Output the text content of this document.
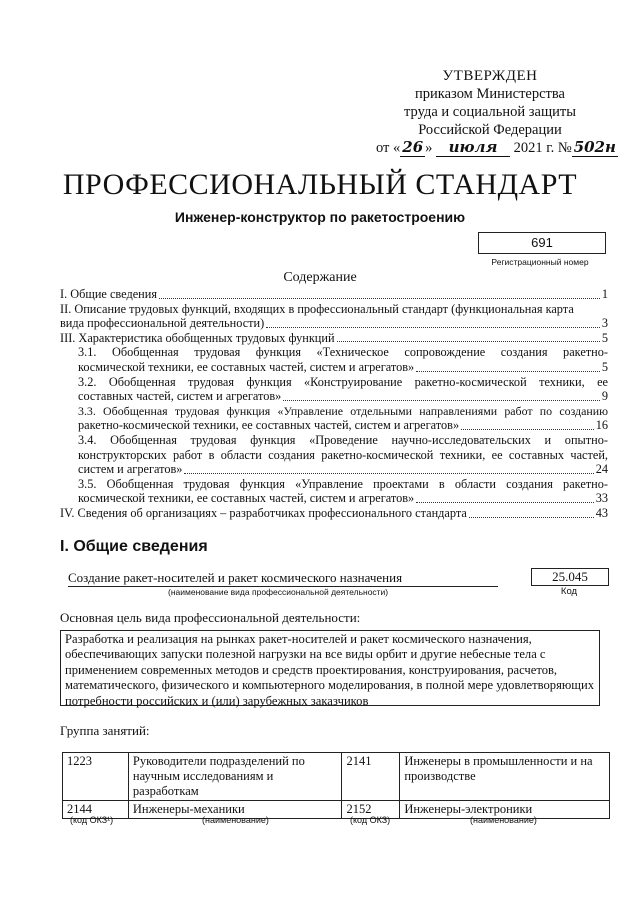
УТВЕРЖДЕН
приказом Министерства
труда и социальной защиты
Российской Федерации
от « 26 » июля 2021 г. № 502н
ПРОФЕССИОНАЛЬНЫЙ СТАНДАРТ
Инженер-конструктор по ракетостроению
691
Регистрационный номер
Содержание
I. Общие сведения	1
II. Описание трудовых функций, входящих в профессиональный стандарт (функциональная карта
вида профессиональной деятельности)	3
III. Характеристика обобщенных трудовых функций	5
3.1. Обобщенная трудовая функция «Техническое сопровождение создания ракетно-
космической техники, ее составных частей, систем и агрегатов»	5
3.2. Обобщенная трудовая функция «Конструирование ракетно-космической техники, ее
составных частей, систем и агрегатов»	9
3.3. Обобщенная трудовая функция «Управление отдельными направлениями работ по созданию
ракетно-космической техники, ее составных частей, систем и агрегатов»	16
3.4. Обобщенная трудовая функция «Проведение научно-исследовательских и опытно-
конструкторских работ в области создания ракетно-космической техники, ее составных частей,
систем и агрегатов»	24
3.5. Обобщенная трудовая функция «Управление проектами в области создания ракетно-
космической техники, ее составных частей, систем и агрегатов»	33
IV. Сведения об организациях – разработчиках профессионального стандарта	43
I. Общие сведения
Создание ракет-носителей и ракет космического назначения
(наименование вида профессиональной деятельности)
25.045
Код
Основная цель вида профессиональной деятельности:
Разработка и реализация на рынках ракет-носителей и ракет космического назначения, обеспечивающих запуски полезной нагрузки на все виды орбит и другие небесные тела с применением современных методов и средств проектирования, конструирования, расчетов, математического, физического и компьютерного моделирования, в полной мере удовлетворяющих потребности российских и (или) зарубежных заказчиков
Группа занятий:
1223	Руководители подразделений по научным исследованиям и разработкам	2141	Инженеры в промышленности и на производстве
2144	Инженеры-механики	2152	Инженеры-электроники
(код ОКЗ¹)	(наименование)	(код ОКЗ)	(наименование)
